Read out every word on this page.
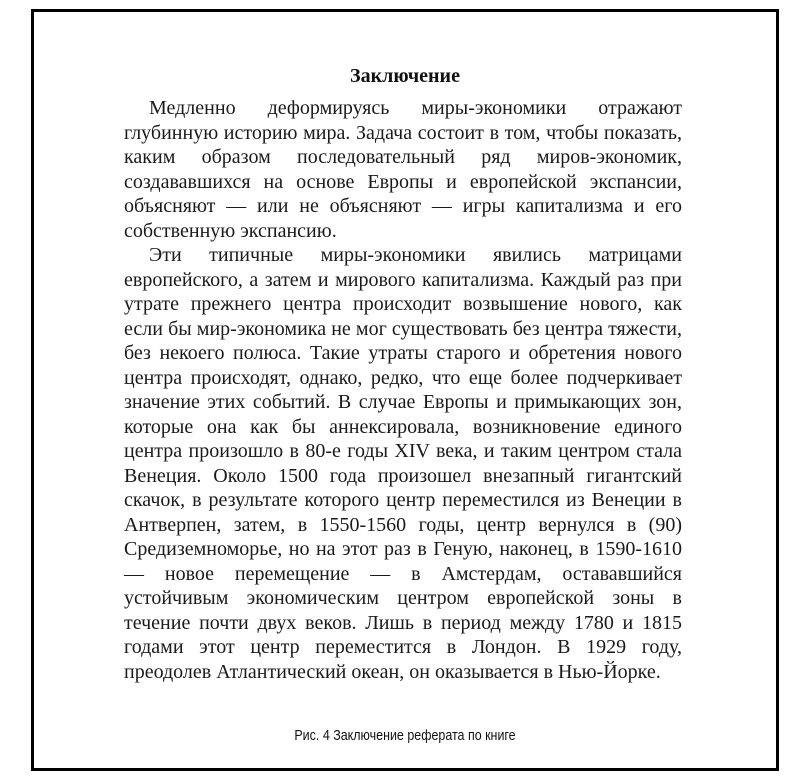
Заключение

Медленно деформируясь миры-экономики отражают глубинную историю мира. Задача состоит в том, чтобы показать, каким образом последовательный ряд миров-экономик, создававшихся на основе Европы и европейской экспансии, объясняют — или не объясняют — игры капитализма и его собственную экспансию.

Эти типичные миры-экономики явились матрицами европейского, а затем и мирового капитализма. Каждый раз при утрате прежнего центра происходит возвышение нового, как если бы мир-экономика не мог существовать без центра тяжести, без некоего полюса. Такие утраты старого и обретения нового центра происходят, однако, редко, что еще более подчеркивает значение этих событий. В случае Европы и примыкающих зон, которые она как бы аннексировала, возникновение единого центра произошло в 80-е годы XIV века, и таким центром стала Венеция. Около 1500 года произошел внезапный гигантский скачок, в результате которого центр переместился из Венеции в Антверпен, затем, в 1550-1560 годы, центр вернулся в (90) Средиземноморье, но на этот раз в Геную, наконец, в 1590-1610 — новое перемещение — в Амстердам, остававшийся устойчивым экономическим центром европейской зоны в течение почти двух веков. Лишь в период между 1780 и 1815 годами этот центр переместится в Лондон. В 1929 году, преодолев Атлантический океан, он оказывается в Нью-Йорке.

Рис. 4 Заключение реферата по книге
